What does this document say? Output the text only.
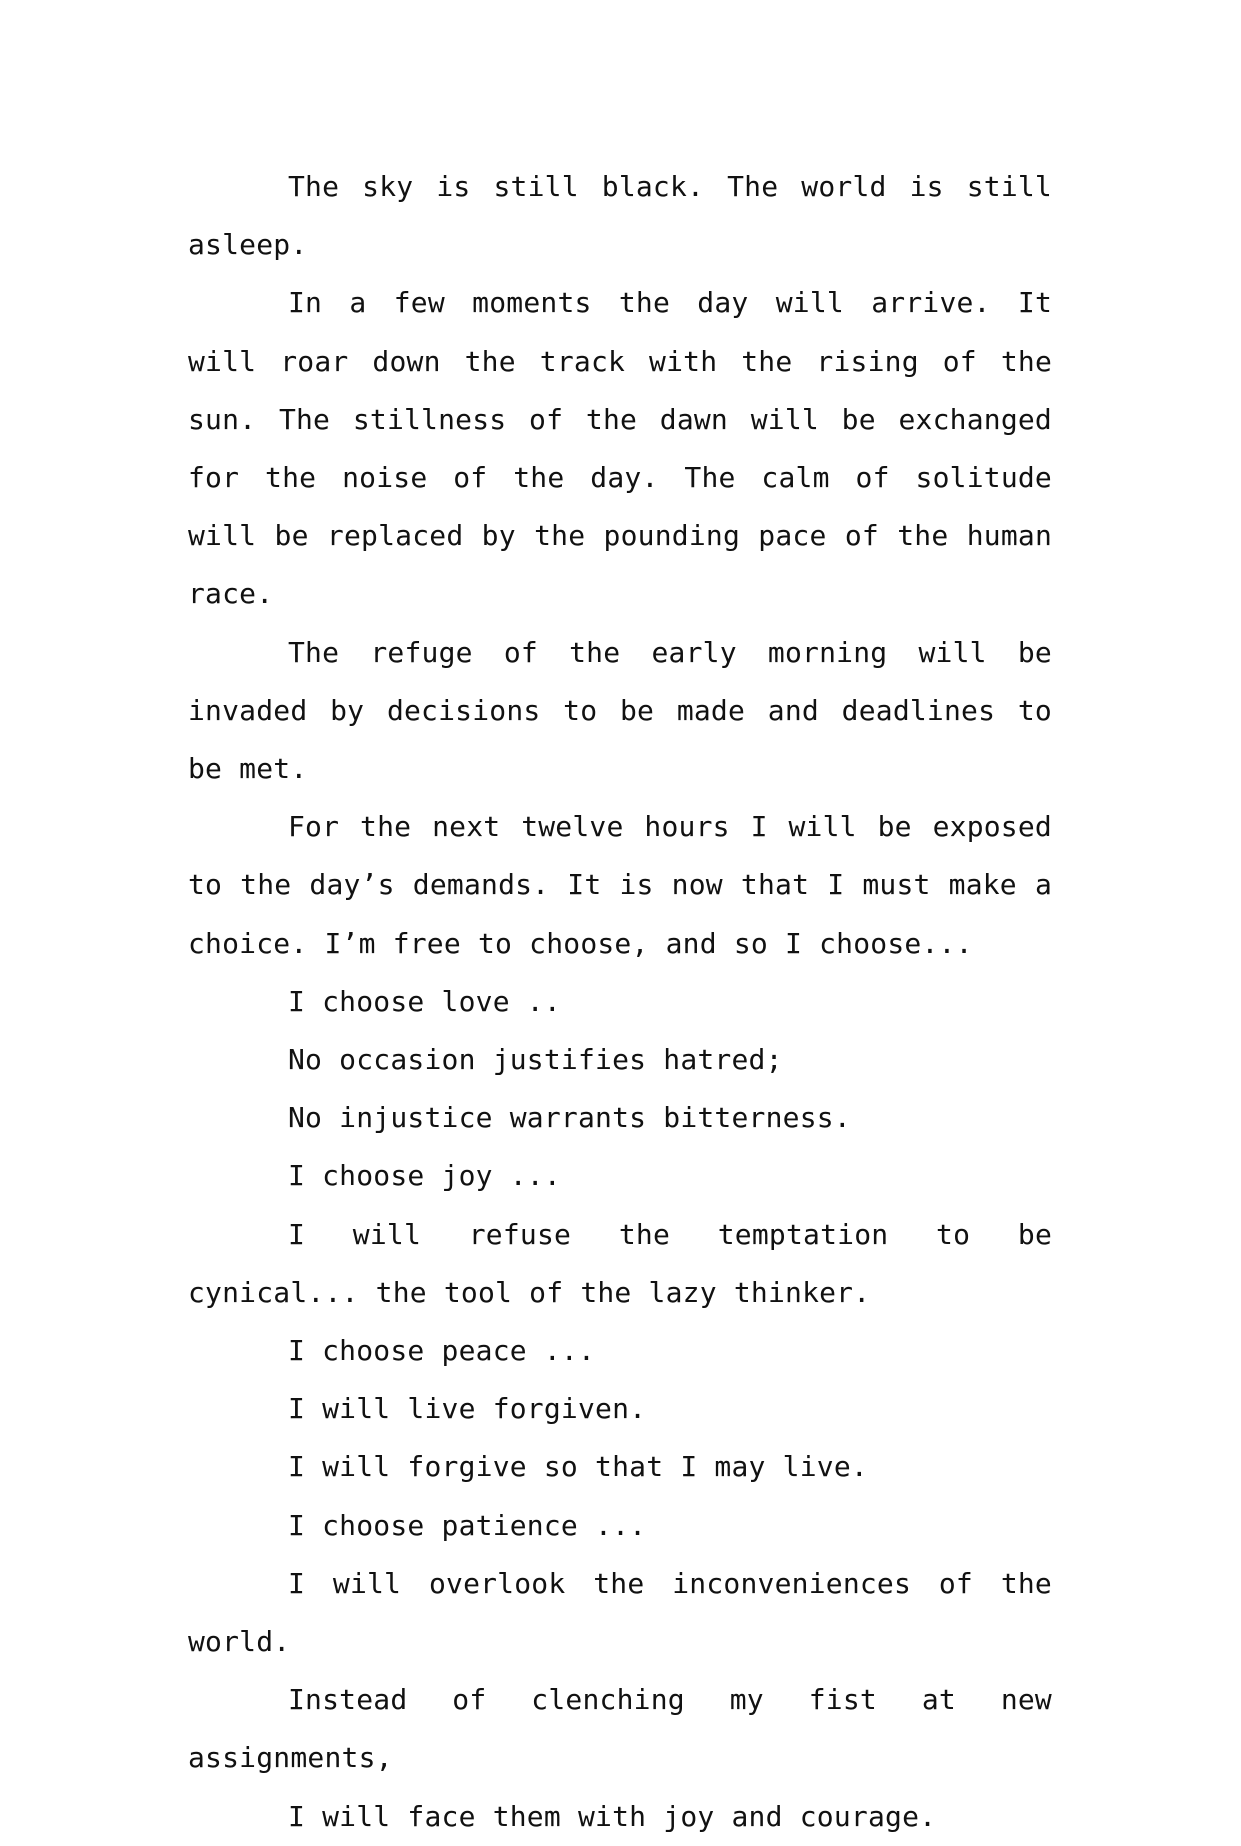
The sky is still black. The world is still asleep.

In a few moments the day will arrive. It will roar down the track with the rising of the sun. The stillness of the dawn will be exchanged for the noise of the day. The calm of solitude will be replaced by the pounding pace of the human race.

The refuge of the early morning will be invaded by decisions to be made and deadlines to be met.

For the next twelve hours I will be exposed to the day’s demands. It is now that I must make a choice. I’m free to choose, and so I choose...

I choose love ..

No occasion justifies hatred;

No injustice warrants bitterness.

I choose joy ...

I will refuse the temptation to be cynical... the tool of the lazy thinker.

I choose peace ...

I will live forgiven.

I will forgive so that I may live.

I choose patience ...

I will overlook the inconveniences of the world.

Instead of clenching my fist at new assignments,

I will face them with joy and courage.
